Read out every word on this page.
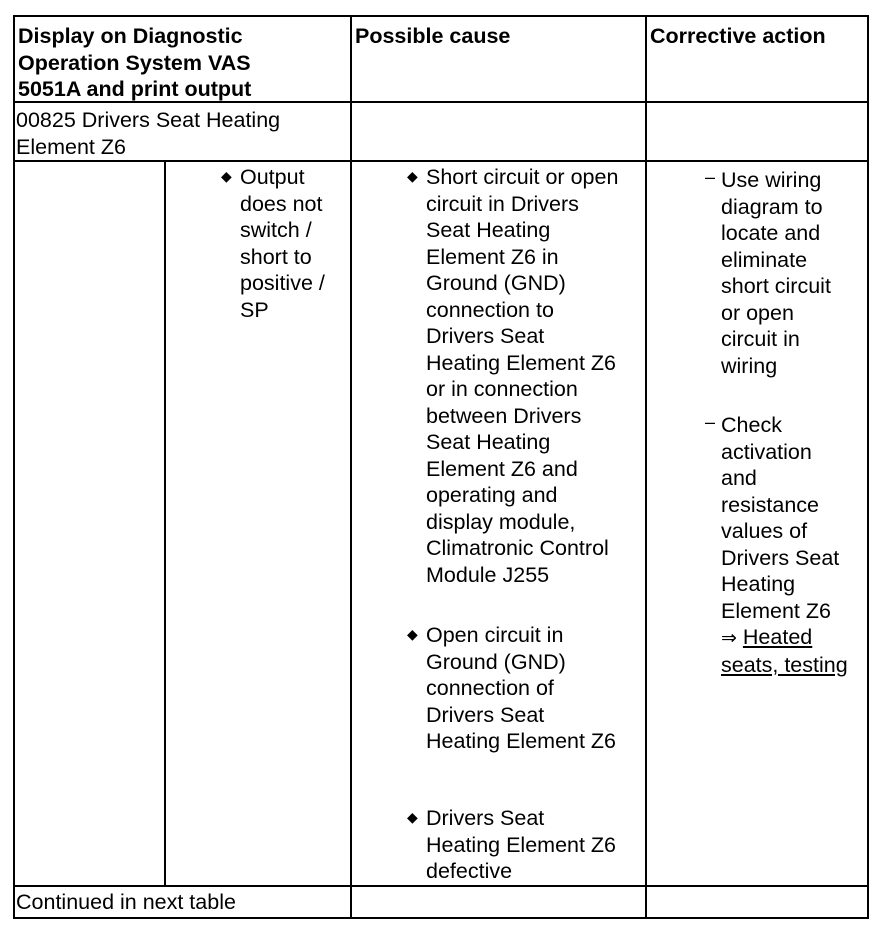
Display on Diagnostic
Operation System VAS
5051A and print output
Possible cause	Corrective action
00825 Drivers Seat Heating
Element Z6
◆ Output
does not
switch /
short to
positive /
SP
◆ Short circuit or open
circuit in Drivers
Seat Heating
Element Z6 in
Ground (GND)
connection to
Drivers Seat
Heating Element Z6
or in connection
between Drivers
Seat Heating
Element Z6 and
operating and
display module,
Climatronic Control
Module J255
◆ Open circuit in
Ground (GND)
connection of
Drivers Seat
Heating Element Z6
◆ Drivers Seat
Heating Element Z6
defective
– Use wiring
diagram to
locate and
eliminate
short circuit
or open
circuit in
wiring
– Check
activation
and
resistance
values of
Drivers Seat
Heating
Element Z6
⇒ Heated
seats, testing
Continued in next table
